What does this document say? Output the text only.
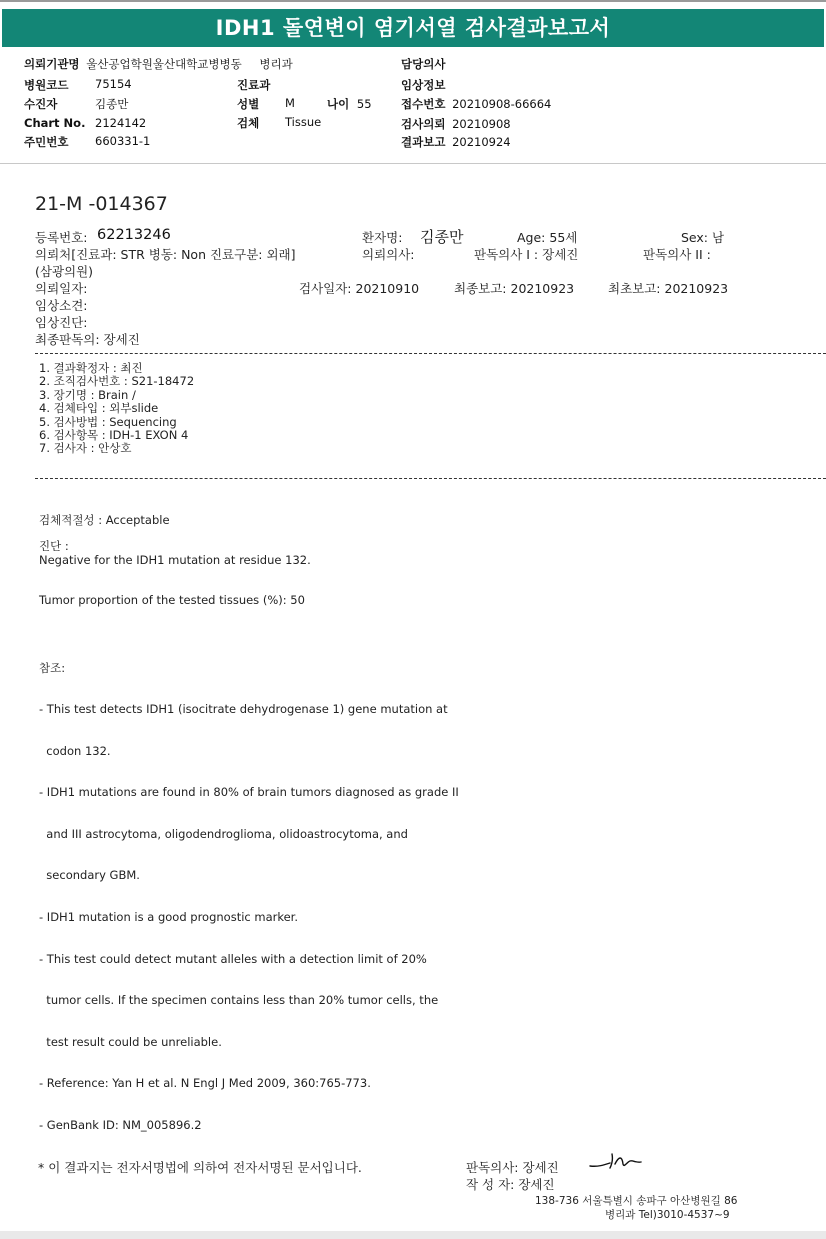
IDH1 돌연변이 염기서열 검사결과보고서
의뢰기관명 울산공업학원울산대학교병병동 병리과	담당의사
병원코드 75154	진료과	임상정보
수진자	김종만	성별 M	나이 55	접수번호 20210908-66664
Chart No. 2124142	검체 Tissue	검사의뢰 20210908
주민번호 660331-1	결과보고 20210924
21-M -014367
등록번호: 62213246	환자명: 김종만	Age: 55세	Sex: 남
의뢰처[진료과: STR 병동: Non 진료구분: 외래]	의뢰의사:	판독의사 I : 장세진	판독의사 II :
(삼광의원)
의뢰일자:	검사일자: 20210910	최종보고: 20210923	최초보고: 20210923
임상소견:
임상진단:
최종판독의: 장세진
1. 결과확정자 : 최진
2. 조직검사번호 : S21-18472
3. 장기명 : Brain /
4. 검체타입 : 외부slide
5. 검사방법 : Sequencing
6. 검사항목 : IDH-1 EXON 4
7. 검사자 : 안상호
검체적절성 : Acceptable
진단 :
Negative for the IDH1 mutation at residue 132.
Tumor proportion of the tested tissues (%): 50
참조:

- This test detects IDH1 (isocitrate dehydrogenase 1) gene mutation at

codon 132.

- IDH1 mutations are found in 80% of brain tumors diagnosed as grade II

and III astrocytoma, oligodendroglioma, olidoastrocytoma, and

secondary GBM.

- IDH1 mutation is a good prognostic marker.

- This test could detect mutant alleles with a detection limit of 20%

tumor cells. If the specimen contains less than 20% tumor cells, the

test result could be unreliable.

- Reference: Yan H et al. N Engl J Med 2009, 360:765-773.

- GenBank ID: NM_005896.2

* 이 결과지는 전자서명법에 의하여 전자서명된 문서입니다.	판독의사: 장세진
작 성 자: 장세진
138-736 서울특별시 송파구 아산병원길 86
병리과 Tel)3010-4537~9
